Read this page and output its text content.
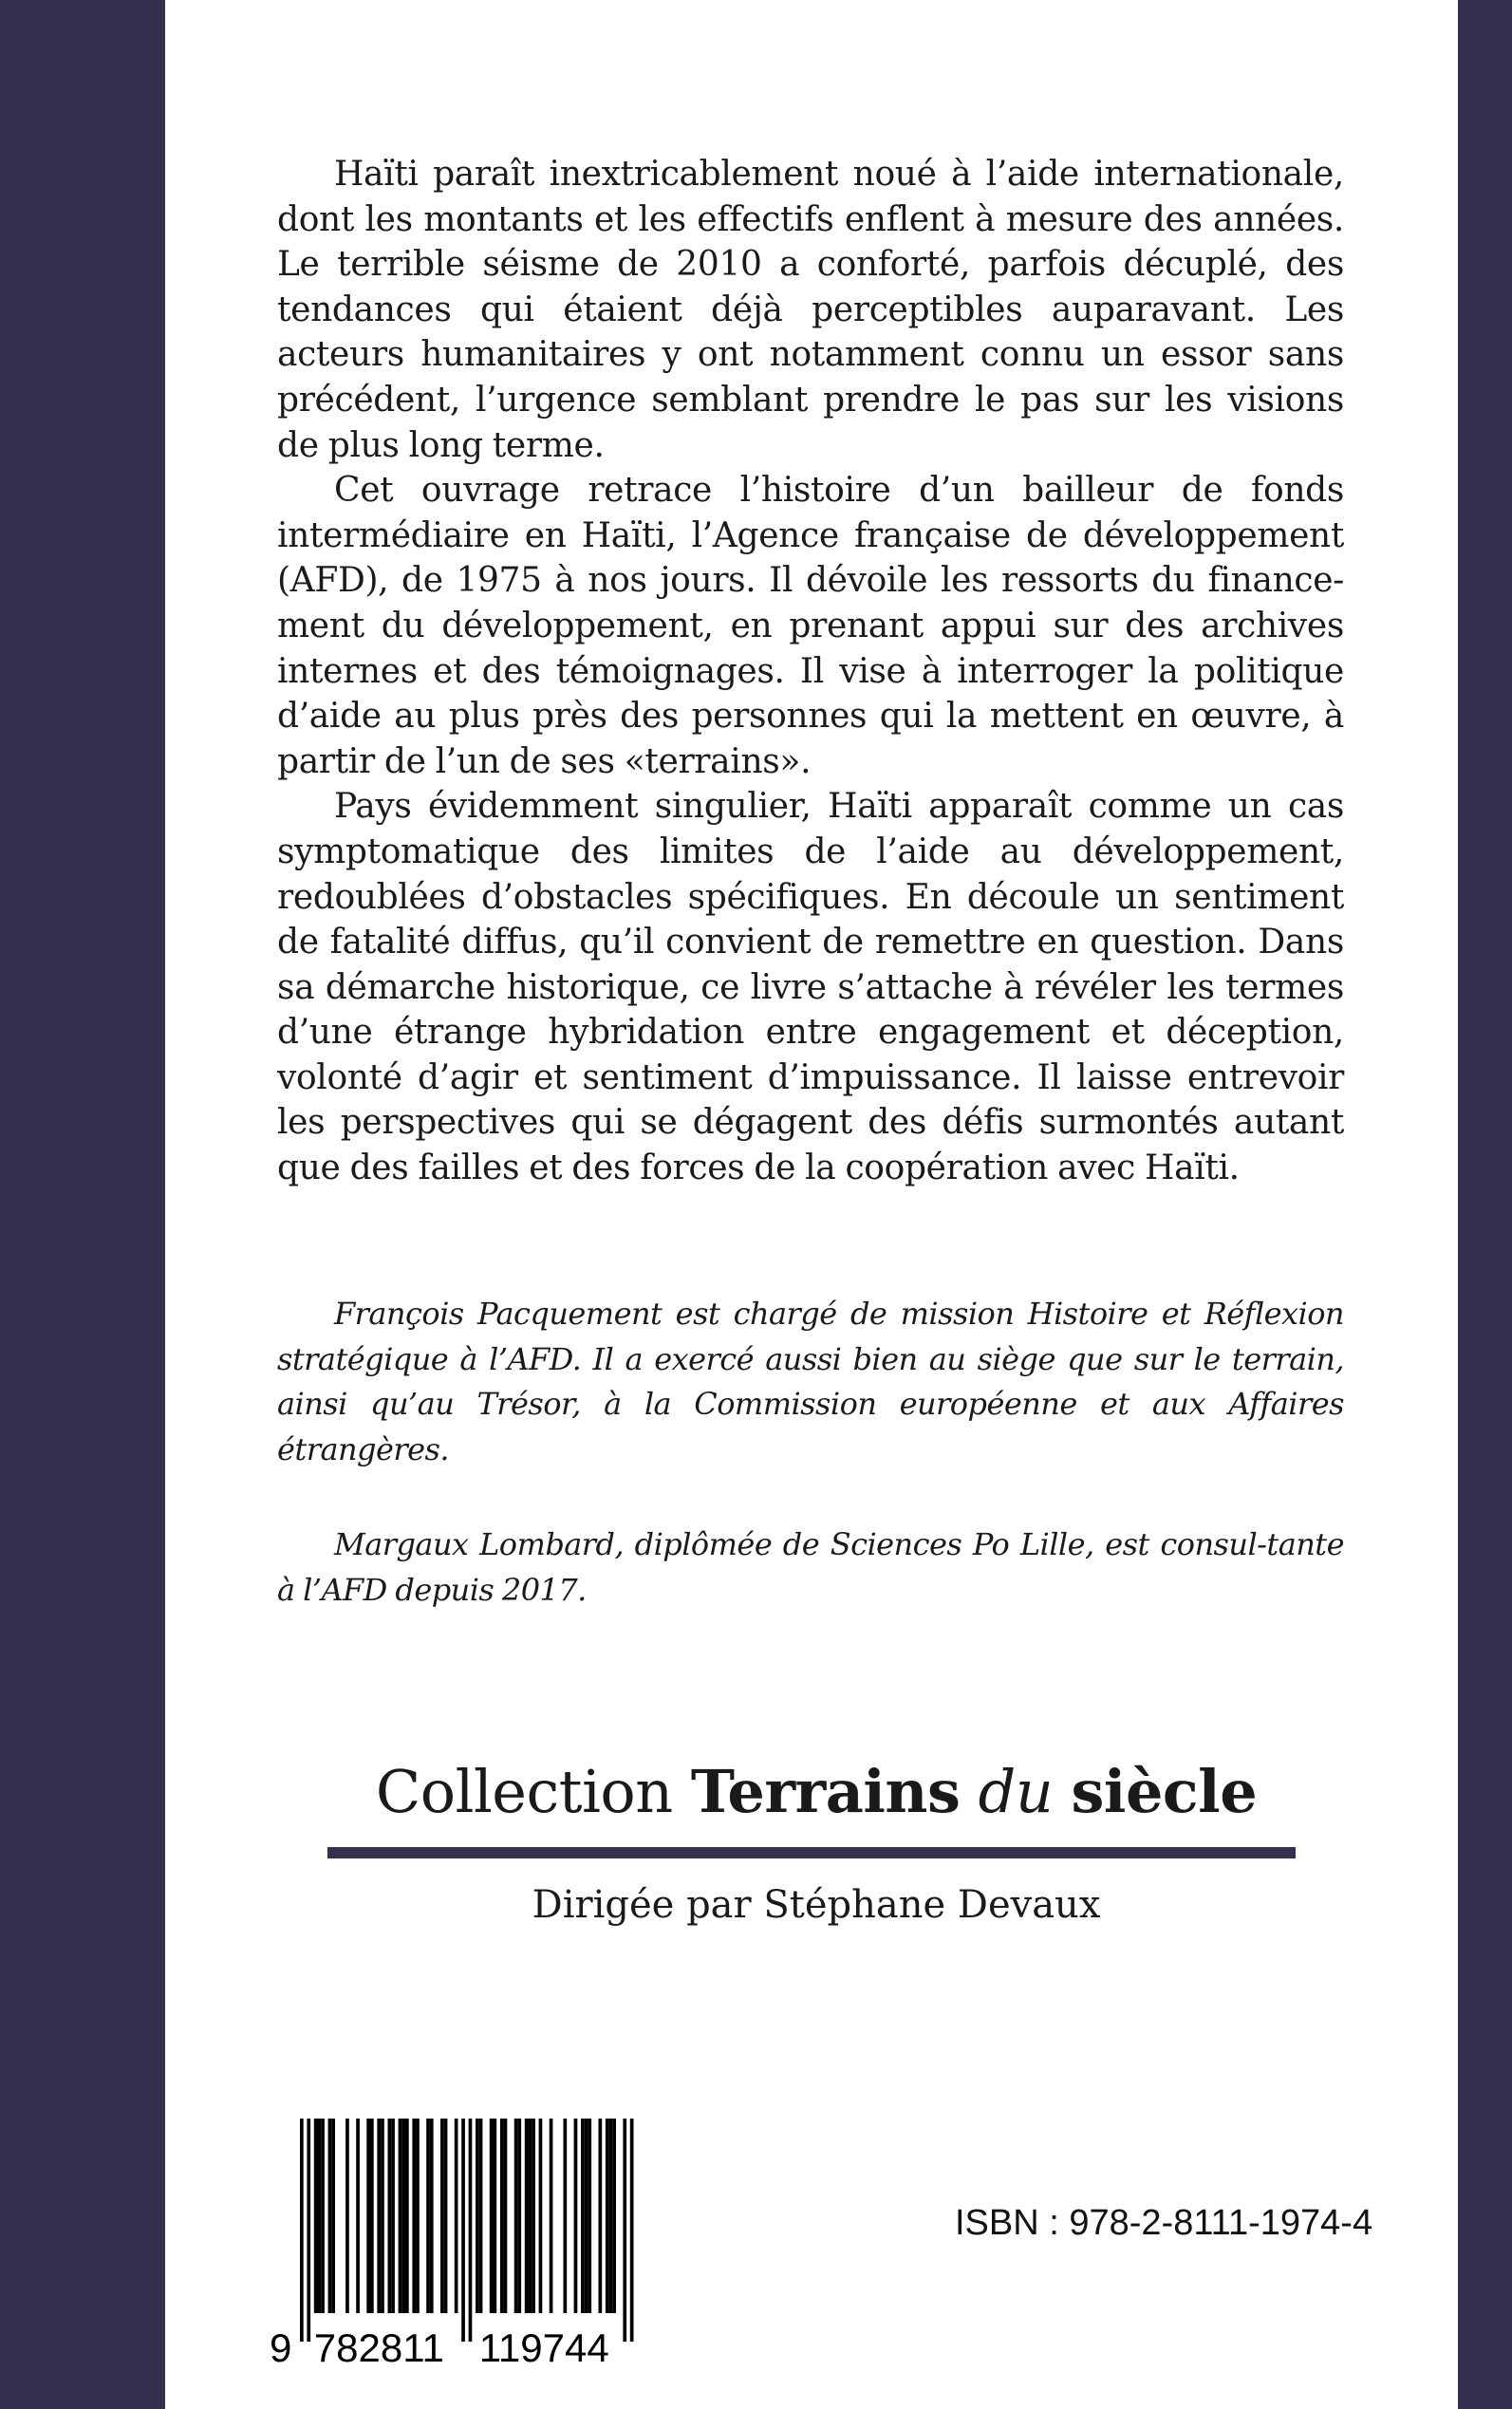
Haïti paraît inextricablement noué à l’aide internationale, dont les montants et les effectifs enflent à mesure des années. Le terrible séisme de 2010 a conforté, parfois décuplé, des tendances qui étaient déjà perceptibles auparavant. Les acteurs humanitaires y ont notamment connu un essor sans précédent, l’urgence semblant prendre le pas sur les visions de plus long terme.

Cet ouvrage retrace l’histoire d’un bailleur de fonds intermédiaire en Haïti, l’Agence française de développement (AFD), de 1975 à nos jours. Il dévoile les ressorts du finance-ment du développement, en prenant appui sur des archives internes et des témoignages. Il vise à interroger la politique d’aide au plus près des personnes qui la mettent en œuvre, à partir de l’un de ses «terrains».

Pays évidemment singulier, Haïti apparaît comme un cas symptomatique des limites de l’aide au développement, redoublées d’obstacles spécifiques. En découle un sentiment de fatalité diffus, qu’il convient de remettre en question. Dans sa démarche historique, ce livre s’attache à révéler les termes d’une étrange hybridation entre engagement et déception, volonté d’agir et sentiment d’impuissance. Il laisse entrevoir les perspectives qui se dégagent des défis surmontés autant que des failles et des forces de la coopération avec Haïti.

François Pacquement est chargé de mission Histoire et Réflexion stratégique à l’AFD. Il a exercé aussi bien au siège que sur le terrain, ainsi qu’au Trésor, à la Commission européenne et aux Affaires étrangères.

Margaux Lombard, diplômée de Sciences Po Lille, est consul-tante à l’AFD depuis 2017.

Collection Terrains du siècle
Dirigée par Stéphane Devaux
9 782811 119744
ISBN : 978-2-8111-1974-4
